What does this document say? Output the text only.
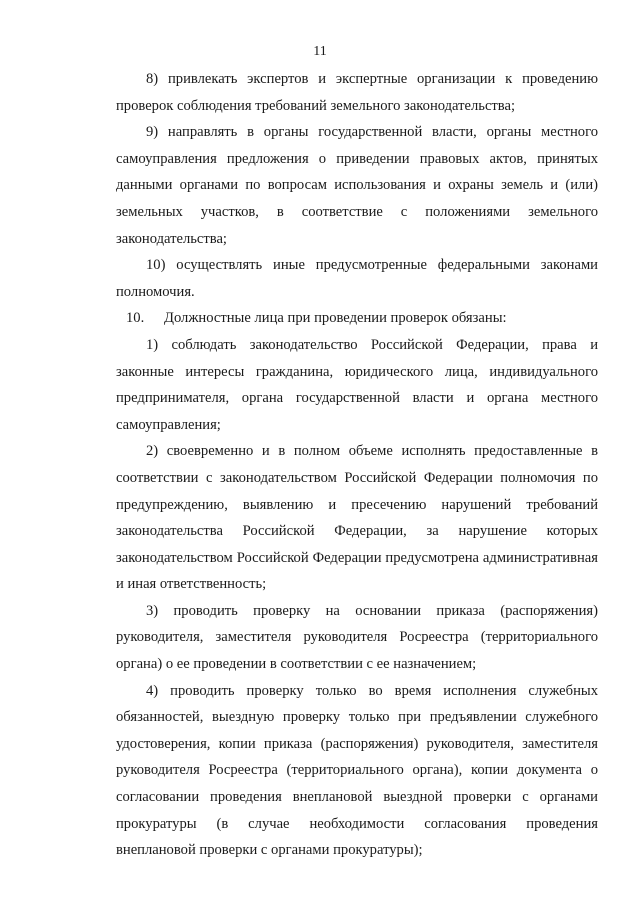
11

8) привлекать экспертов и экспертные организации к проведению проверок соблюдения требований земельного законодательства;

9) направлять в органы государственной власти, органы местного самоуправления предложения о приведении правовых актов, принятых данными органами по вопросам использования и охраны земель и (или) земельных участков, в соответствие с положениями земельного законодательства;

10) осуществлять иные предусмотренные федеральными законами полномочия.

10. Должностные лица при проведении проверок обязаны:

1) соблюдать законодательство Российской Федерации, права и законные интересы гражданина, юридического лица, индивидуального предпринимателя, органа государственной власти и органа местного самоуправления;

2) своевременно и в полном объеме исполнять предоставленные в соответствии с законодательством Российской Федерации полномочия по предупреждению, выявлению и пресечению нарушений требований законодательства Российской Федерации, за нарушение которых законодательством Российской Федерации предусмотрена административная и иная ответственность;

3) проводить проверку на основании приказа (распоряжения) руководителя, заместителя руководителя Росреестра (территориального органа) о ее проведении в соответствии с ее назначением;

4) проводить проверку только во время исполнения служебных обязанностей, выездную проверку только при предъявлении служебного удостоверения, копии приказа (распоряжения) руководителя, заместителя руководителя Росреестра (территориального органа), копии документа о согласовании проведения внеплановой выездной проверки с органами прокуратуры (в случае необходимости согласования проведения внеплановой проверки с органами прокуратуры);
